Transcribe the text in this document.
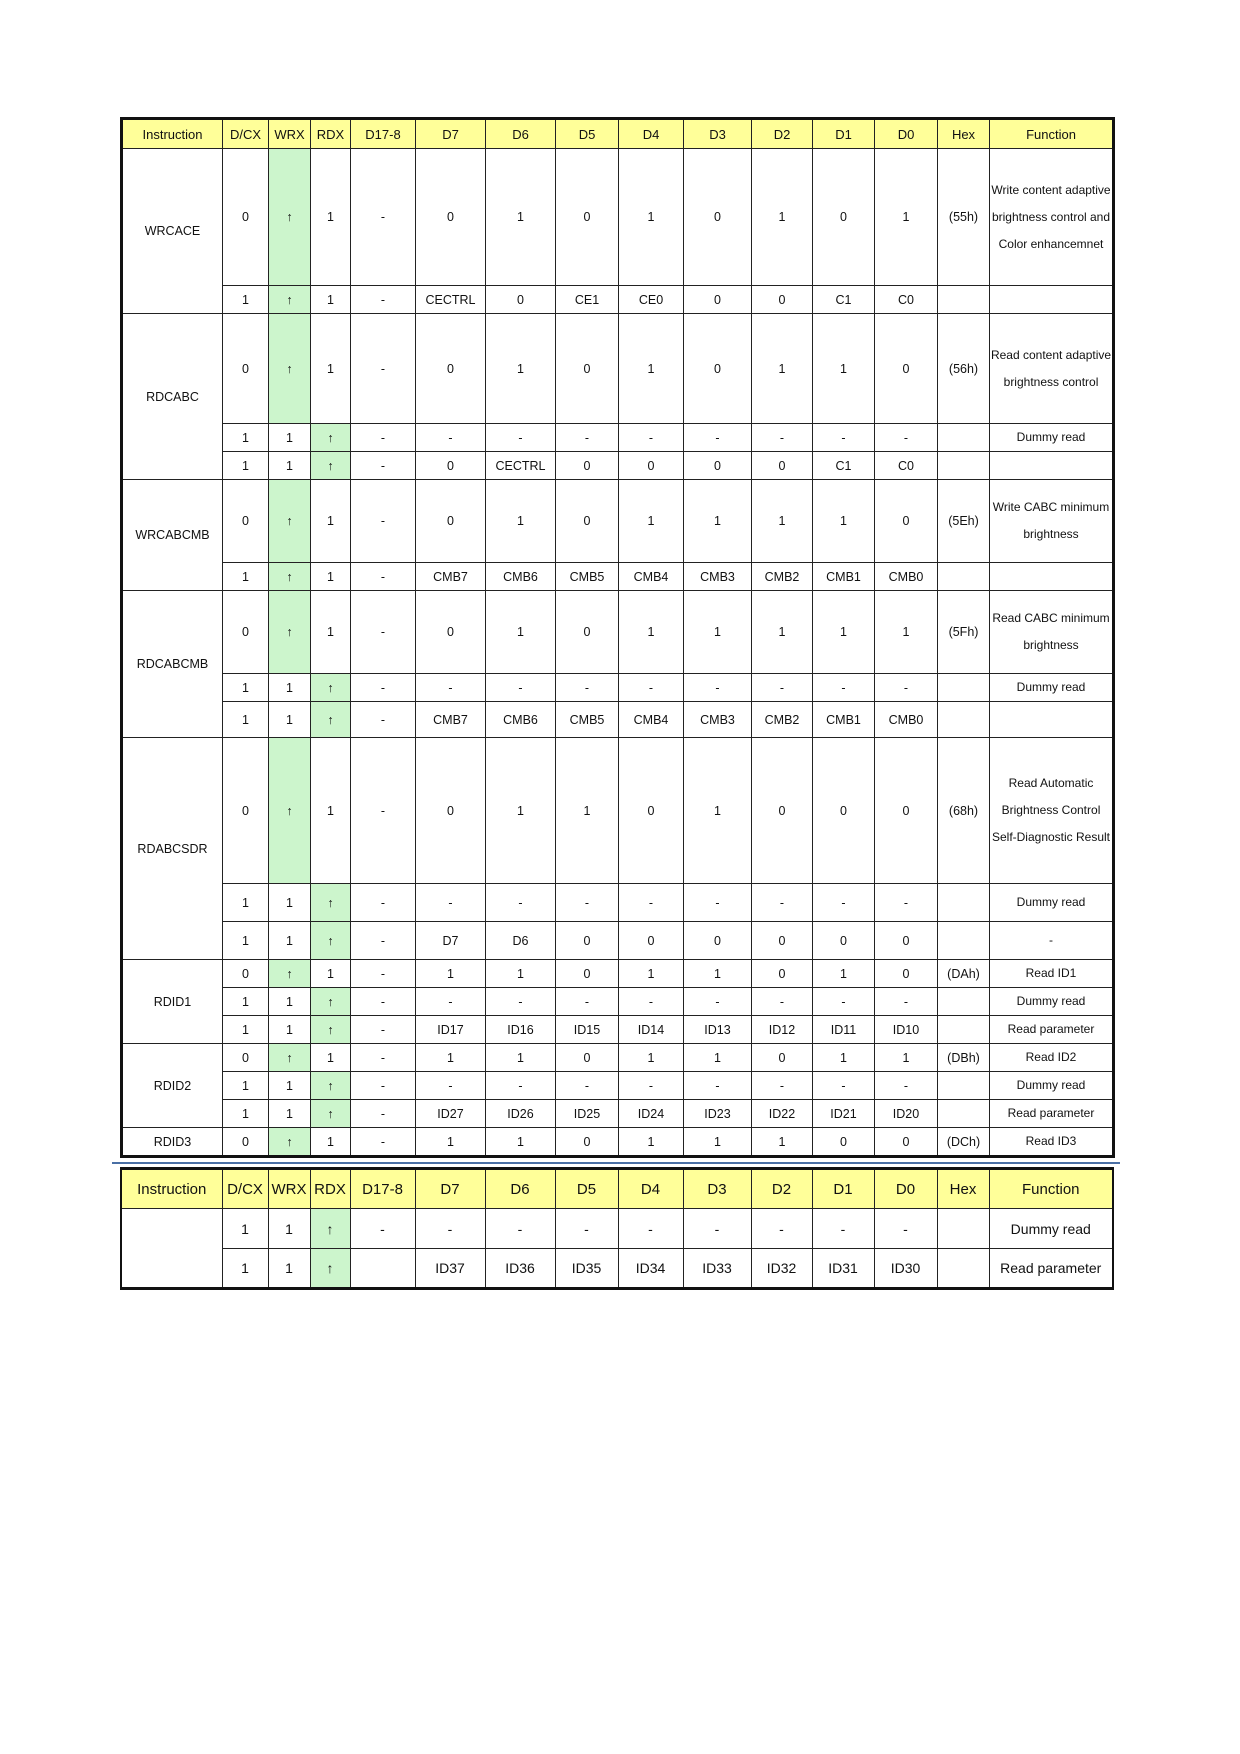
Instruction	D/CX	WRX	RDX	D17-8	D7	D6	D5	D4	D3	D2	D1	D0	Hex	Function
WRCACE	0	↑	1	-	0	1	0	1	0	1	0	1	(55h)	Write content adaptive brightness control and Color enhancemnet
	1	↑	1	-	CECTRL	0	CE1	CE0	0	0	C1	C0		
RDCABC	0	↑	1	-	0	1	0	1	0	1	1	0	(56h)	Read content adaptive brightness control
	1	1	↑	-	-	-	-	-	-	-	-	-		Dummy read
	1	1	↑	-	0	CECTRL	0	0	0	0	C1	C0		
WRCABCMB	0	↑	1	-	0	1	0	1	1	1	1	0	(5Eh)	Write CABC minimum brightness
	1	↑	1	-	CMB7	CMB6	CMB5	CMB4	CMB3	CMB2	CMB1	CMB0		
RDCABCMB	0	↑	1	-	0	1	0	1	1	1	1	1	(5Fh)	Read CABC minimum brightness
	1	1	↑	-	-	-	-	-	-	-	-	-		Dummy read
	1	1	↑	-	CMB7	CMB6	CMB5	CMB4	CMB3	CMB2	CMB1	CMB0		
RDABCSDR	0	↑	1	-	0	1	1	0	1	0	0	0	(68h)	Read Automatic Brightness Control Self-Diagnostic Result
	1	1	↑	-	-	-	-	-	-	-	-	-		Dummy read
	1	1	↑	-	D7	D6	0	0	0	0	0	0		-
RDID1	0	↑	1	-	1	1	0	1	1	0	1	0	(DAh)	Read ID1
	1	1	↑	-	-	-	-	-	-	-	-	-		Dummy read
	1	1	↑	-	ID17	ID16	ID15	ID14	ID13	ID12	ID11	ID10		Read parameter
RDID2	0	↑	1	-	1	1	0	1	1	0	1	1	(DBh)	Read ID2
	1	1	↑	-	-	-	-	-	-	-	-	-		Dummy read
	1	1	↑	-	ID27	ID26	ID25	ID24	ID23	ID22	ID21	ID20		Read parameter
RDID3	0	↑	1	-	1	1	0	1	1	1	0	0	(DCh)	Read ID3
Instruction	D/CX	WRX	RDX	D17-8	D7	D6	D5	D4	D3	D2	D1	D0	Hex	Function
	1	1	↑	-	-	-	-	-	-	-	-	-		Dummy read
	1	1	↑		ID37	ID36	ID35	ID34	ID33	ID32	ID31	ID30		Read parameter
